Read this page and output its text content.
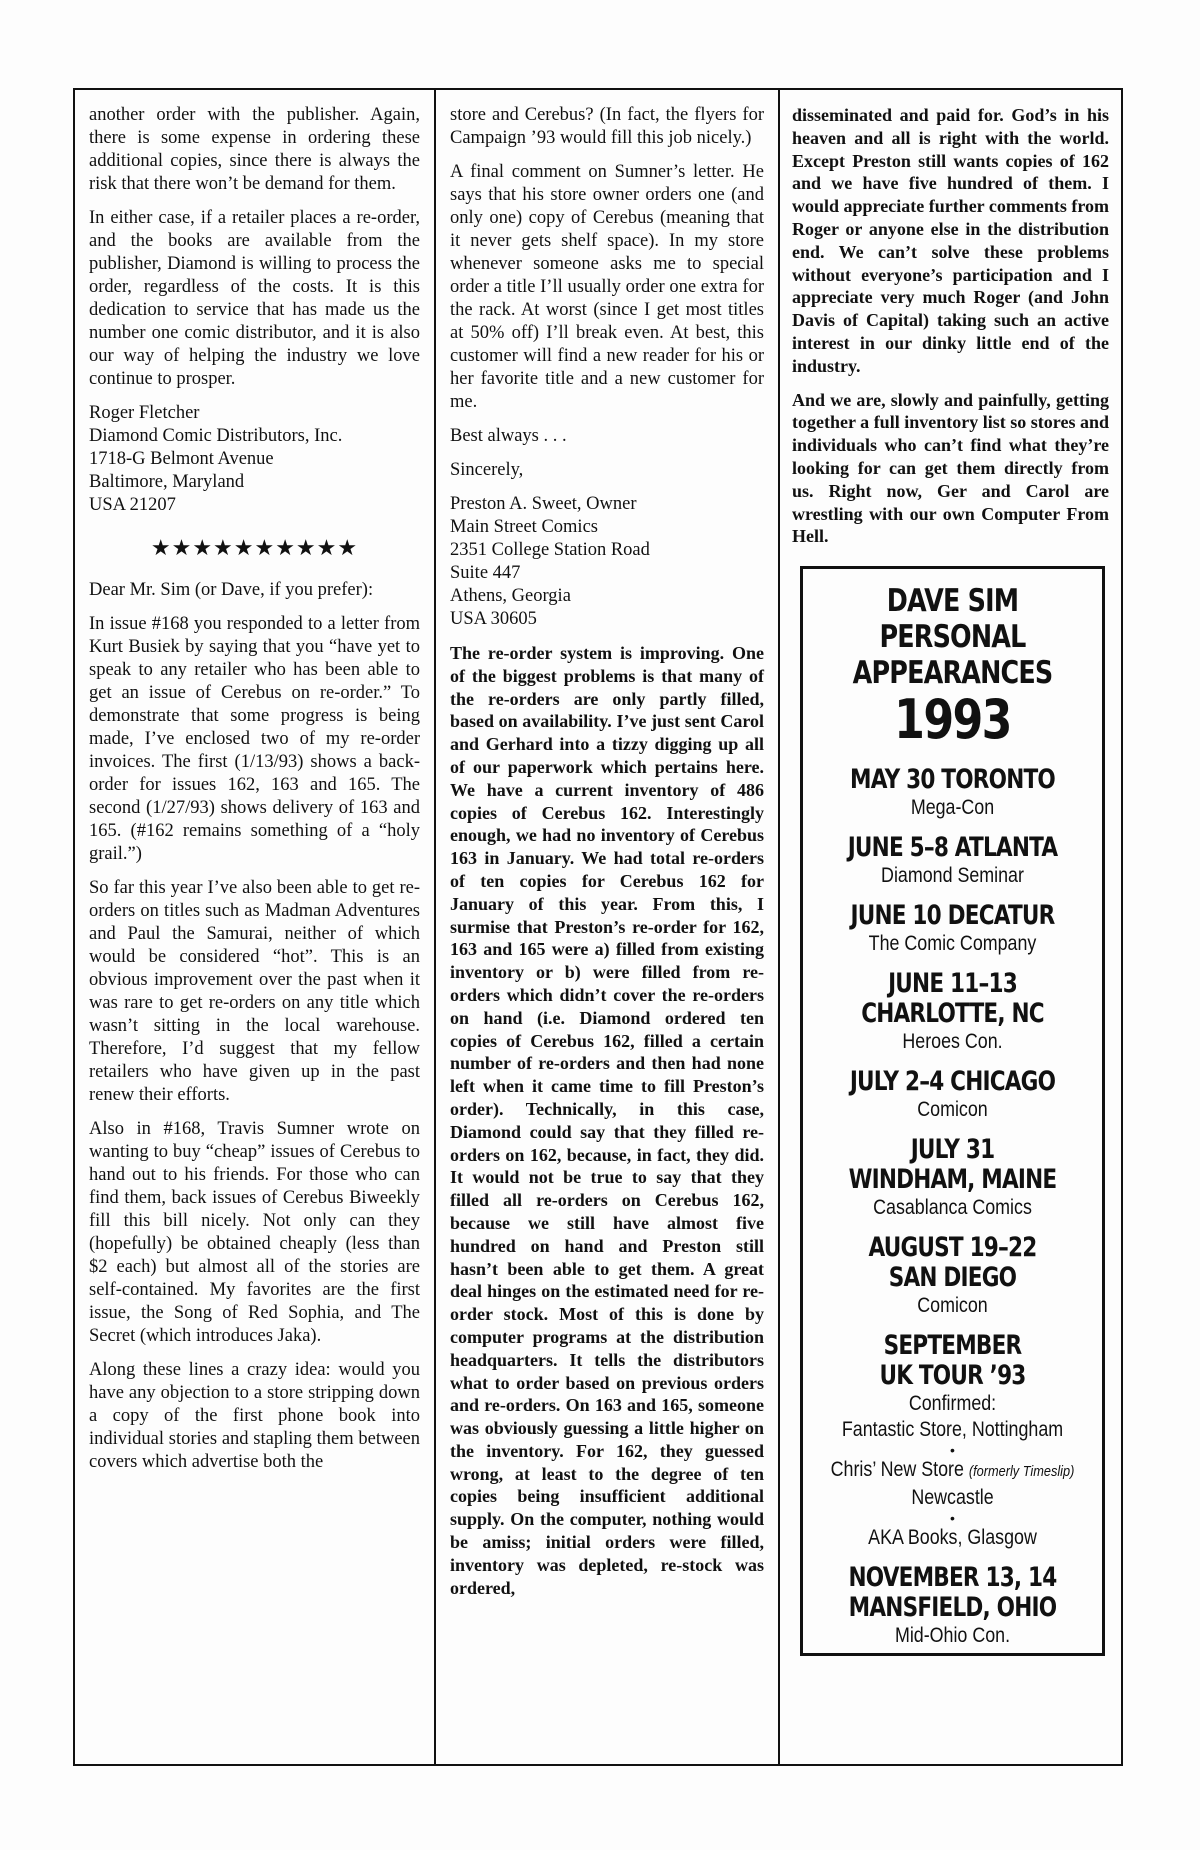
another order with the publisher. Again, there is some expense in ordering these additional copies, since there is always the risk that there won’t be demand for them.

In either case, if a retailer places a re-order, and the books are available from the publisher, Diamond is willing to process the order, regardless of the costs. It is this dedication to service that has made us the number one comic distributor, and it is also our way of helping the industry we love continue to prosper.

Roger Fletcher
Diamond Comic Distributors, Inc.
1718-G Belmont Avenue
Baltimore, Maryland
USA 21207
★★★★★★★★★★

Dear Mr. Sim (or Dave, if you prefer):

In issue #168 you responded to a letter from Kurt Busiek by saying that you “have yet to speak to any retailer who has been able to get an issue of Cerebus on re-order.” To demonstrate that some progress is being made, I’ve enclosed two of my re-order invoices. The first (1/13/93) shows a back-order for issues 162, 163 and 165. The second (1/27/93) shows delivery of 163 and 165. (#162 remains something of a “holy grail.”)

So far this year I’ve also been able to get re-orders on titles such as Madman Adventures and Paul the Samurai, neither of which would be considered “hot”. This is an obvious improvement over the past when it was rare to get re-orders on any title which wasn’t sitting in the local warehouse. Therefore, I’d suggest that my fellow retailers who have given up in the past renew their efforts.

Also in #168, Travis Sumner wrote on wanting to buy “cheap” issues of Cerebus to hand out to his friends. For those who can find them, back issues of Cerebus Biweekly fill this bill nicely. Not only can they (hopefully) be obtained cheaply (less than $2 each) but almost all of the stories are self-contained. My favorites are the first issue, the Song of Red Sophia, and The Secret (which introduces Jaka).

Along these lines a crazy idea: would you have any objection to a store stripping down a copy of the first phone book into individual stories and stapling them between covers which advertise both the

store and Cerebus? (In fact, the flyers for Campaign ’93 would fill this job nicely.)

A final comment on Sumner’s letter. He says that his store owner orders one (and only one) copy of Cerebus (meaning that it never gets shelf space). In my store whenever someone asks me to special order a title I’ll usually order one extra for the rack. At worst (since I get most titles at 50% off) I’ll break even. At best, this customer will find a new reader for his or her favorite title and a new customer for me.

Best always . . .

Sincerely,

Preston A. Sweet, Owner
Main Street Comics
2351 College Station Road
Suite 447
Athens, Georgia
USA 30605

The re-order system is improving. One of the biggest problems is that many of the re-orders are only partly filled, based on availability. I’ve just sent Carol and Gerhard into a tizzy digging up all of our paperwork which pertains here. We have a current inventory of 486 copies of Cerebus 162. Interestingly enough, we had no inventory of Cerebus 163 in January. We had total re-orders of ten copies for Cerebus 162 for January of this year. From this, I surmise that Preston’s re-order for 162, 163 and 165 were a) filled from existing inventory or b) were filled from re-orders which didn’t cover the re-orders on hand (i.e. Diamond ordered ten copies of Cerebus 162, filled a certain number of re-orders and then had none left when it came time to fill Preston’s order). Technically, in this case, Diamond could say that they filled re-orders on 162, because, in fact, they did. It would not be true to say that they filled all re-orders on Cerebus 162, because we still have almost five hundred on hand and Preston still hasn’t been able to get them. A great deal hinges on the estimated need for re-order stock. Most of this is done by computer programs at the distribution headquarters. It tells the distributors what to order based on previous orders and re-orders. On 163 and 165, someone was obviously guessing a little higher on the inventory. For 162, they guessed wrong, at least to the degree of ten copies being insufficient additional supply. On the computer, nothing would be amiss; initial orders were filled, inventory was depleted, re-stock was ordered,

disseminated and paid for. God’s in his heaven and all is right with the world. Except Preston still wants copies of 162 and we have five hundred of them. I would appreciate further comments from Roger or anyone else in the distribution end. We can’t solve these problems without everyone’s participation and I appreciate very much Roger (and John Davis of Capital) taking such an active interest in our dinky little end of the industry.

And we are, slowly and painfully, getting together a full inventory list so stores and individuals who can’t find what they’re looking for can get them directly from us. Right now, Ger and Carol are wrestling with our own Computer From Hell.

DAVE SIM PERSONAL
APPEARANCES
1993
MAY 30 TORONTO
Mega-Con
JUNE 5–8 ATLANTA
Diamond Seminar
JUNE 10 DECATUR
The Comic Company
JUNE 11–13
CHARLOTTE, NC
Heroes Con.
JULY 2–4 CHICAGO
Comicon
JULY 31
WINDHAM, MAINE
Casablanca Comics
AUGUST 19–22
SAN DIEGO
Comicon
SEPTEMBER
UK TOUR ’93
Confirmed:
Fantastic Store, Nottingham
•
Chris’ New Store (formerly Timeslip)
Newcastle
•
AKA Books, Glasgow
NOVEMBER 13, 14
MANSFIELD, OHIO
Mid-Ohio Con.
